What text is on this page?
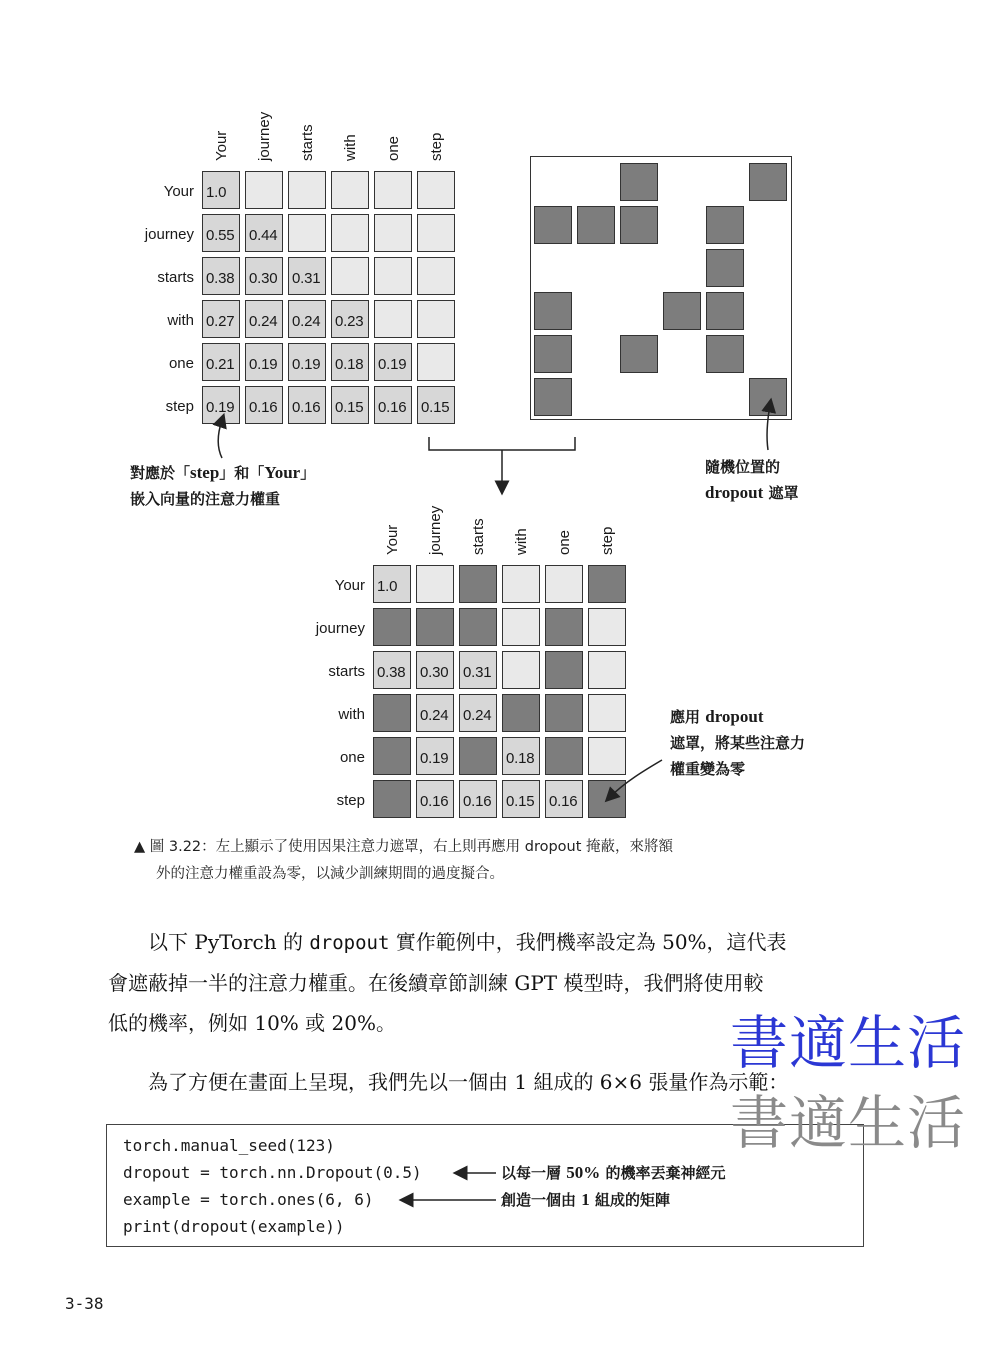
Your
Your
journey
journey
starts
starts
with
with
one
one
step
step
1.0
0.55 0.44
0.38 0.30 0.31
0.27 0.24 0.24 0.23
0.21 0.19 0.19 0.18 0.19
0.19 0.16 0.16 0.15 0.16 0.15
Your
Your
journey
journey
starts
starts
with
with
one
one
step
step
1.0
0.38 0.30 0.31
0.24 0.24
0.19	0.18
0.16 0.16 0.15 0.16
對應於「step」和「Your」
嵌入向量的注意力權重
隨機位置的
dropout 遮罩
應用 dropout
遮罩，將某些注意力
權重變為零
▲ 圖 3.22：左上顯示了使用因果注意力遮罩，右上則再應用 dropout 掩蔽，來將額
外的注意力權重設為零，以減少訓練期間的過度擬合。
　　以下 PyTorch 的 dropout 實作範例中，我們機率設定為 50%，這代表
會遮蔽掉一半的注意力權重。在後續章節訓練 GPT 模型時，我們將使用較
低的機率，例如 10% 或 20%。
　　為了方便在畫面上呈現，我們先以一個由 1 組成的 6×6 張量作為示範：
torch.manual_seed(123)
dropout = torch.nn.Dropout(0.5)
example = torch.ones(6, 6)
print(dropout(example))
以每一層 50% 的機率丟棄神經元
創造一個由 1 組成的矩陣
書適生活
書適生活
3-38
